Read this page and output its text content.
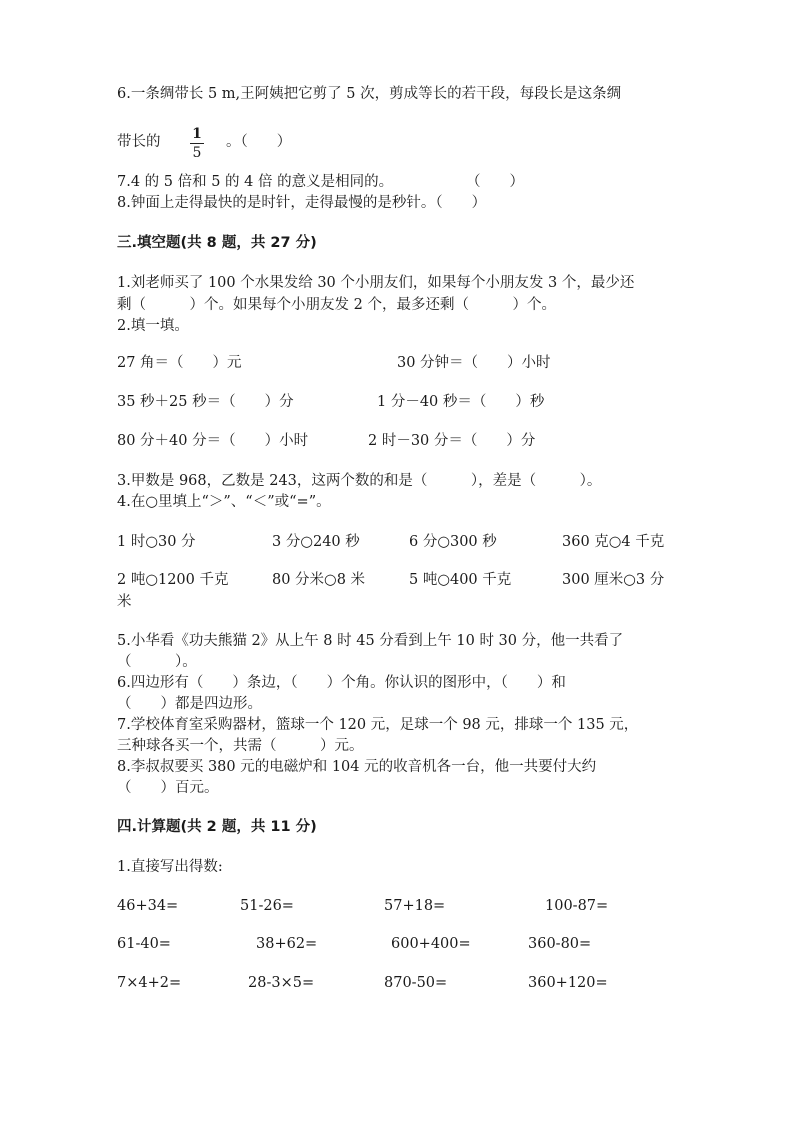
6.一条绸带长 5 m,王阿姨把它剪了 5 次，剪成等长的若干段，每段长是这条绸
带长的 1
5
。（　　）
7.4 的 5 倍和 5 的 4 倍 的意义是相同的。	（　　）
8.钟面上走得最快的是时针，走得最慢的是秒针。（　　）
三.填空题(共 8 题，共 27 分)
1.刘老师买了 100 个水果发给 30 个小朋友们，如果每个小朋友发 3 个，最少还
剩（　　　）个。如果每个小朋友发 2 个，最多还剩（　　　）个。
2.填一填。
27 角＝（　　）元	30 分钟＝（　　）小时
35 秒＋25 秒＝（　　）分	1 分－40 秒＝（　　）秒
80 分＋40 分＝（　　）小时	2 时－30 分＝（　　）分
3.甲数是 968，乙数是 243，这两个数的和是（　　　），差是（　　　）。
4.在○里填上“＞”、“＜”或“=”。
1 时○30 分	3 分○240 秒	6 分○300 秒	360 克○4 千克
2 吨○1200 千克	80 分米○8 米	5 吨○400 千克	300 厘米○3 分
米
5.小华看《功夫熊猫 2》从上午 8 时 45 分看到上午 10 时 30 分，他一共看了
（　　　）。
6.四边形有（　　）条边，（　　）个角。你认识的图形中，（　　）和
（　　）都是四边形。
7.学校体育室采购器材，篮球一个 120 元，足球一个 98 元，排球一个 135 元，
三种球各买一个，共需（　　　）元。
8.李叔叔要买 380 元的电磁炉和 104 元的收音机各一台，他一共要付大约
（　　）百元。
四.计算题(共 2 题，共 11 分)
1.直接写出得数:
46+34=	51-26=	57+18=	100-87=
61-40=	38+62=	600+400=	360-80=
7×4+2=	28-3×5=	870-50=	360+120=
